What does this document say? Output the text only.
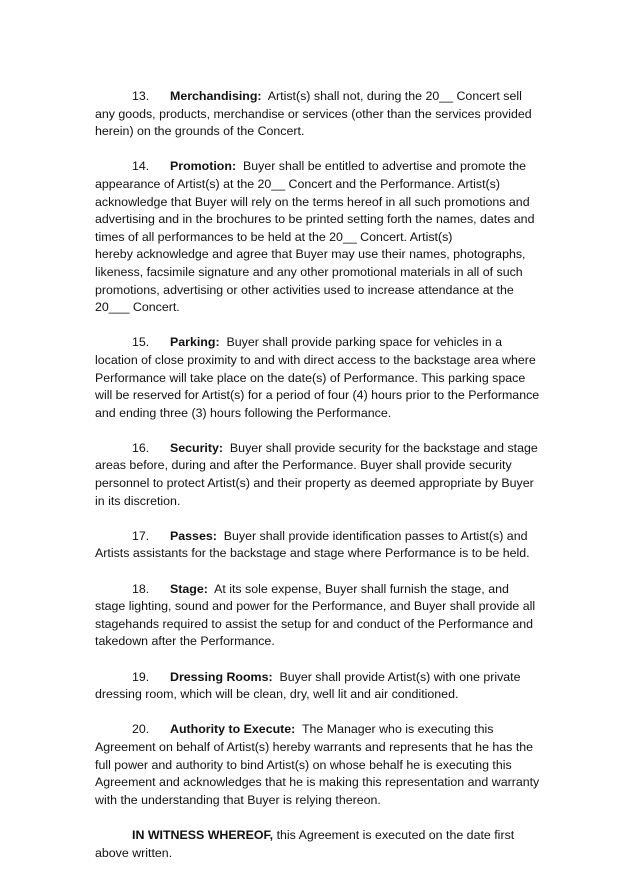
13. Merchandising: Artist(s) shall not, during the 20__ Concert sell
any goods, products, merchandise or services (other than the services provided
herein) on the grounds of the Concert.

14. Promotion: Buyer shall be entitled to advertise and promote the
appearance of Artist(s) at the 20__ Concert and the Performance. Artist(s)
acknowledge that Buyer will rely on the terms hereof in all such promotions and
advertising and in the brochures to be printed setting forth the names, dates and
times of all performances to be held at the 20__ Concert. Artist(s)
hereby acknowledge and agree that Buyer may use their names, photographs,
likeness, facsimile signature and any other promotional materials in all of such
promotions, advertising or other activities used to increase attendance at the
20___ Concert.

15. Parking: Buyer shall provide parking space for vehicles in a
location of close proximity to and with direct access to the backstage area where
Performance will take place on the date(s) of Performance. This parking space
will be reserved for Artist(s) for a period of four (4) hours prior to the Performance
and ending three (3) hours following the Performance.

16. Security: Buyer shall provide security for the backstage and stage
areas before, during and after the Performance. Buyer shall provide security
personnel to protect Artist(s) and their property as deemed appropriate by Buyer
in its discretion.

17. Passes: Buyer shall provide identification passes to Artist(s) and
Artists assistants for the backstage and stage where Performance is to be held.

18. Stage: At its sole expense, Buyer shall furnish the stage, and
stage lighting, sound and power for the Performance, and Buyer shall provide all
stagehands required to assist the setup for and conduct of the Performance and
takedown after the Performance.

19. Dressing Rooms: Buyer shall provide Artist(s) with one private
dressing room, which will be clean, dry, well lit and air conditioned.

20. Authority to Execute: The Manager who is executing this
Agreement on behalf of Artist(s) hereby warrants and represents that he has the
full power and authority to bind Artist(s) on whose behalf he is executing this
Agreement and acknowledges that he is making this representation and warranty
with the understanding that Buyer is relying thereon.

IN WITNESS WHEREOF, this Agreement is executed on the date first
above written.
